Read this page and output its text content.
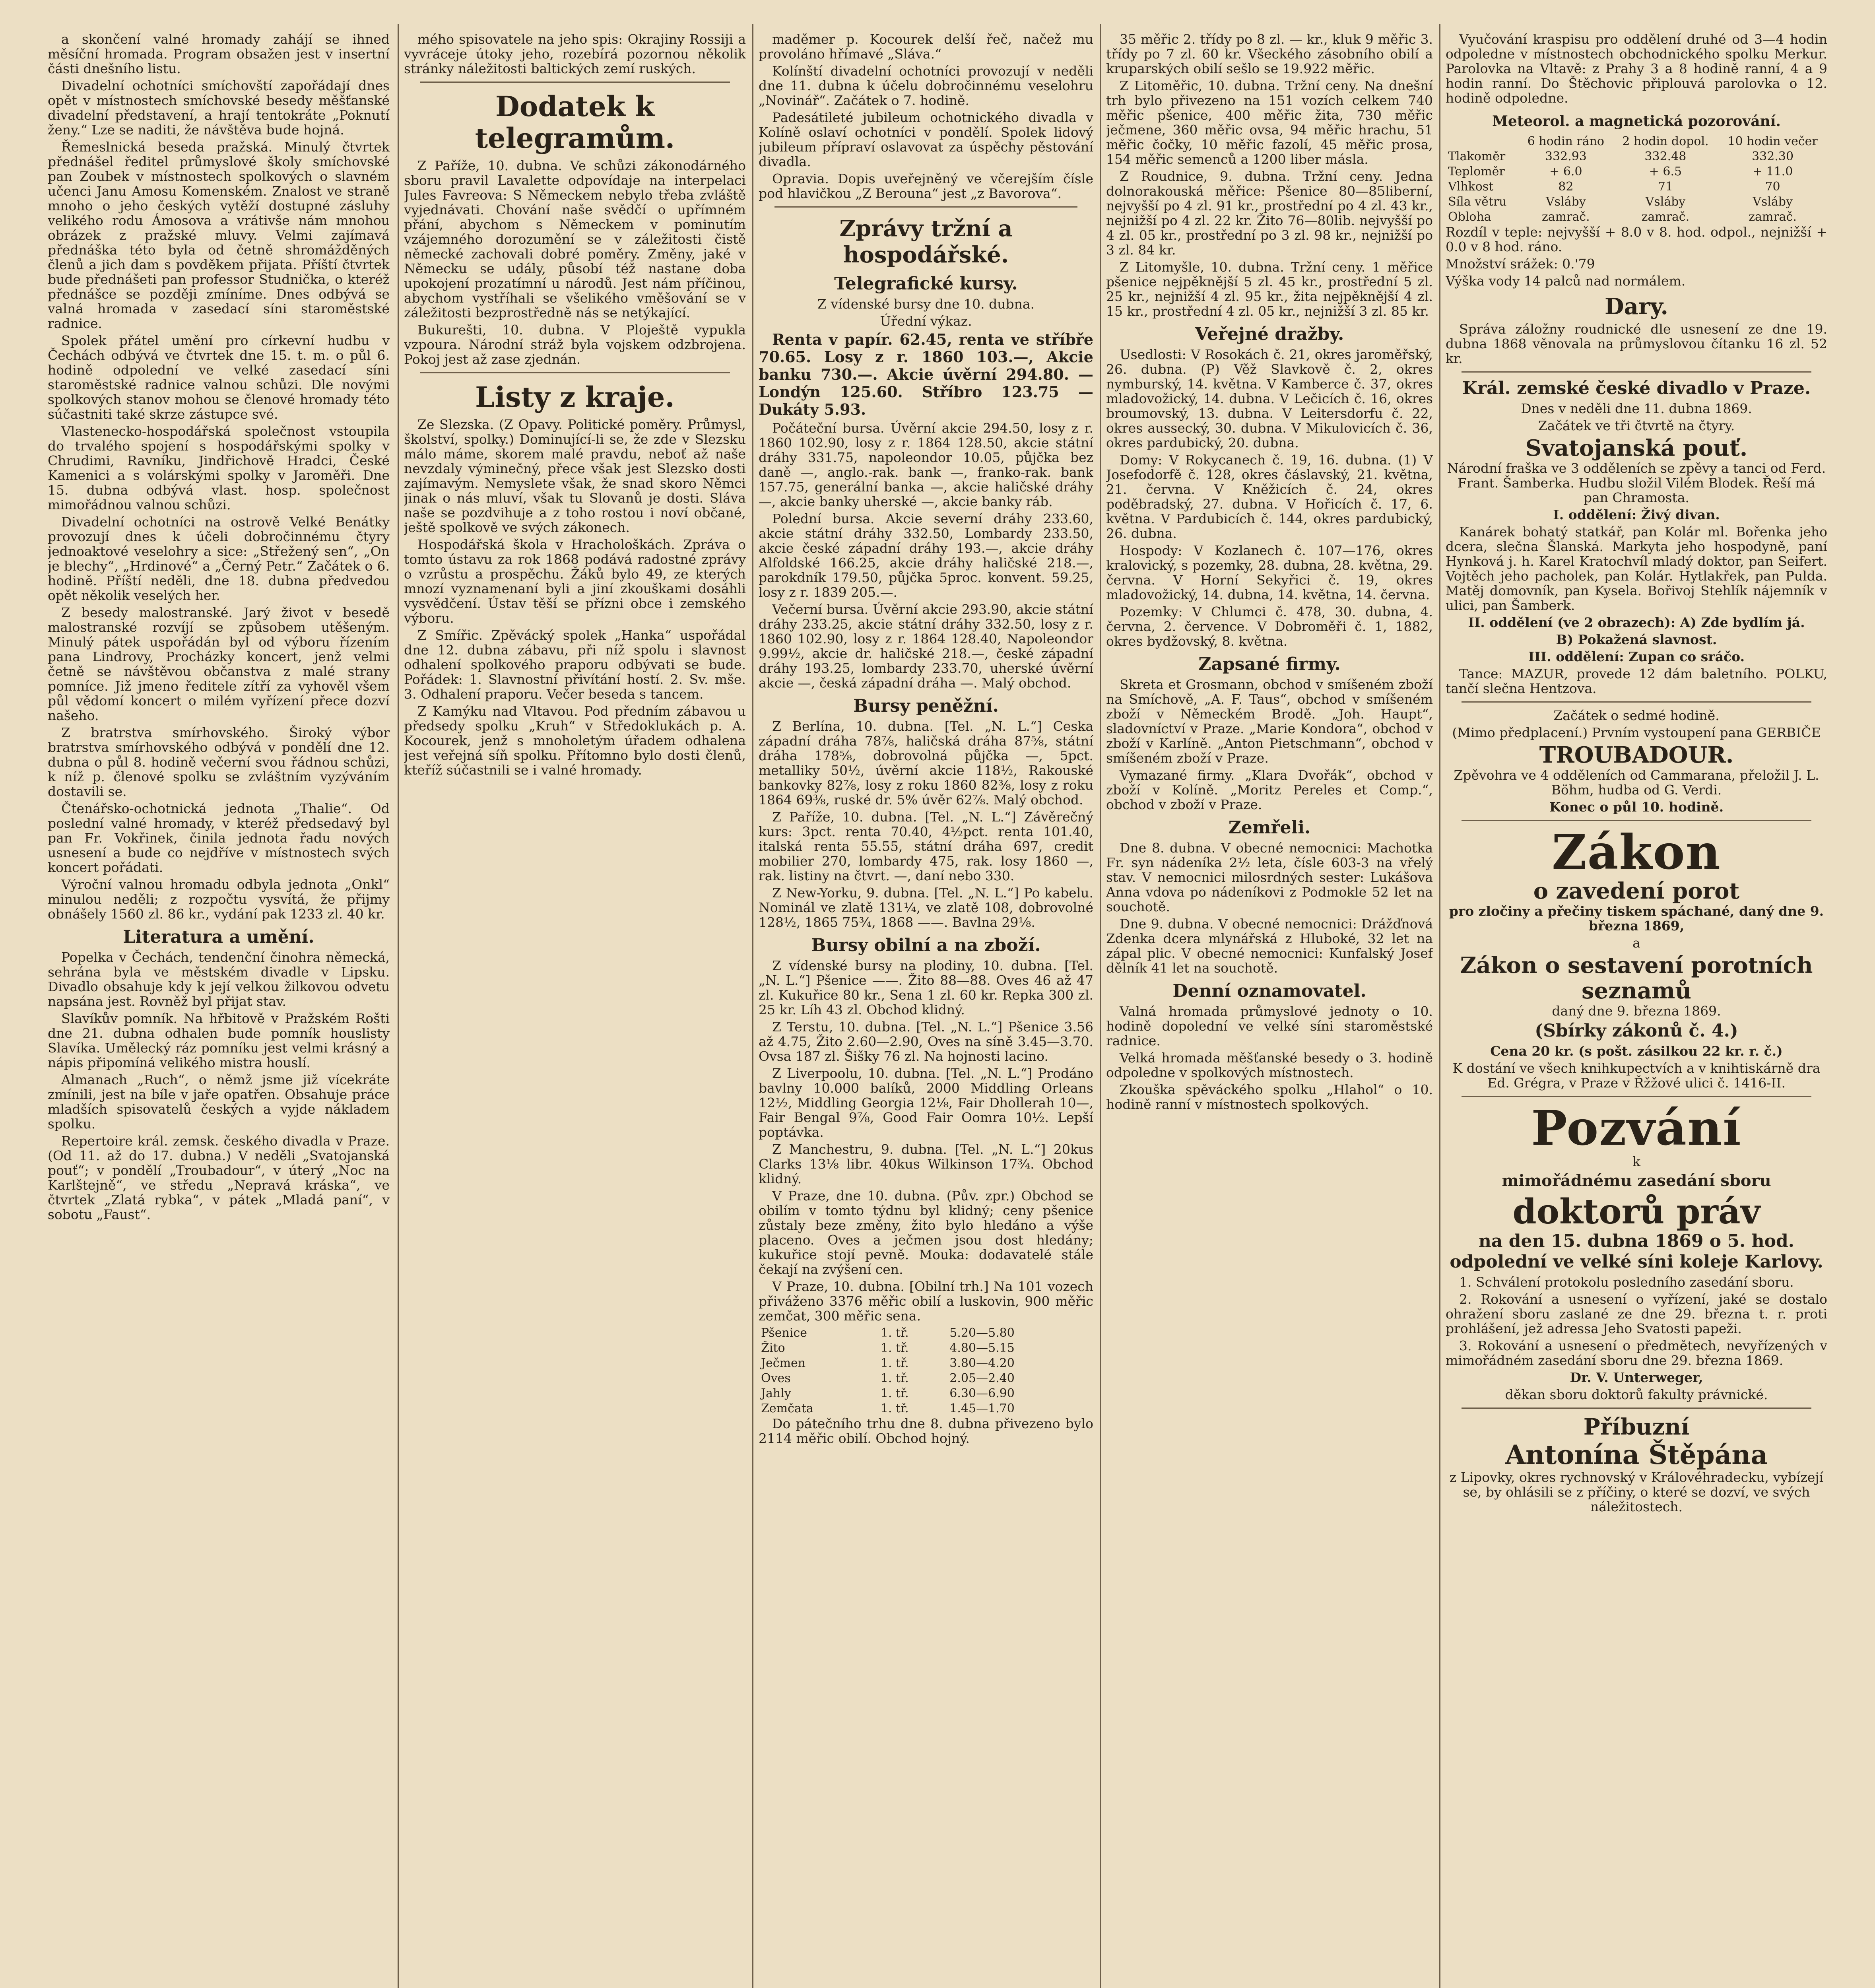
a skončení valné hromady zahájí se ihned měsíční hromada. Program obsažen jest v insertní části dnešního listu.

Divadelní ochotníci smíchovští zapořádají dnes opět v místnostech smíchovské besedy měšťanské divadelní představení, a hrají tentokráte „Poknutí ženy.“ Lze se naditi, že návštěva bude hojná.

Řemeslnická beseda pražská. Minulý čtvrtek přednášel ředitel průmyslové školy smíchovské pan Zoubek v místnostech spolkových o slavném učenci Janu Amosu Komenském. Znalost ve straně mnoho o jeho českých vytěží dostupné zásluhy velikého rodu Ámosova a vrátivše nám mnohou obrázek z pražské mluvy. Velmi zajímavá přednáška této byla od četně shromážděných členů a jich dam s povděkem přijata. Příští čtvrtek bude přednášeti pan professor Studnička, o kteréž přednášce se později zmíníme. Dnes odbývá se valná hromada v zasedací síni staroměstské radnice.

Spolek přátel umění pro církevní hudbu v Čechách odbývá ve čtvrtek dne 15. t. m. o půl 6. hodině odpolední ve velké zasedací síni staroměstské radnice valnou schůzi. Dle novými spolkových stanov mohou se členové hromady této súčastniti také skrze zástupce své.

Vlastenecko-hospodářská společnost vstoupila do trvalého spojení s hospodářskými spolky v Chrudimi, Ravníku, Jindřichově Hradci, České Kamenici a s volárskými spolky v Jaroměři. Dne 15. dubna odbývá vlast. hosp. společnost mimořádnou valnou schůzi.

Divadelní ochotníci na ostrově Velké Benátky provozují dnes k účeli dobročinnému čtyry jednoaktové veselohry a sice: „Střežený sen“, „On je blechy“, „Hrdinové“ a „Černý Petr.“ Začátek o 6. hodině. Příští neděli, dne 18. dubna předvedou opět několik veselých her.

Z besedy malostranské. Jarý život v besedě malostranské rozvíjí se způsobem utěšeným. Minulý pátek uspořádán byl od výboru řízením pana Lindrovy, Procházky koncert, jenž velmi četně se návštěvou občanstva z malé strany pomníce. Již jmeno ředitele zítří za vyhověl všem půl vědomí koncert o milém vyřízení přece dozví našeho.

Z bratrstva smírhovského. Široký výbor bratrstva smírhovského odbývá v pondělí dne 12. dubna o půl 8. hodině večerní svou řádnou schůzi, k níž p. členové spolku se zvláštním vyzýváním dostavili se.

Čtenářsko-ochotnická jednota „Thalie“. Od poslední valné hromady, v kteréž předsedavý byl pan Fr. Vokřinek, činila jednota řadu nových usnesení a bude co nejdříve v místnostech svých koncert pořádati.

Výroční valnou hromadu odbyla jednota „Onkl“ minulou neděli; z rozpočtu vysvítá, že přijmy obnášely 1560 zl. 86 kr., vydání pak 1233 zl. 40 kr.

Literatura a umění.

Popelka v Čechách, tendenční činohra německá, sehrána byla ve městském divadle v Lipsku. Divadlo obsahuje kdy k její velkou žilkovou odvetu napsána jest. Rovněž byl přijat stav.

Slavíkův pomník. Na hřbitově v Pražském Rošti dne 21. dubna odhalen bude pomník houslisty Slavíka. Umělecký ráz pomníku jest velmi krásný a nápis připomíná velikého mistra houslí.

Almanach „Ruch“, o němž jsme již vícekráte zmínili, jest na bíle v jaře opatřen. Obsahuje práce mladších spisovatelů českých a vyjde nákladem spolku.

Repertoire král. zemsk. českého divadla v Praze. (Od 11. až do 17. dubna.) V neděli „Svatojanská pouť“; v pondělí „Troubadour“, v úterý „Noc na Karlštejně“, ve středu „Nepravá kráska“, ve čtvrtek „Zlatá rybka“, v pátek „Mladá paní“, v sobotu „Faust“.

mého spisovatele na jeho spis: Okrajiny Rossiji a vyvráceje útoky jeho, rozebírá pozornou několik stránky náležitosti baltických zemí ruských.

Dodatek k telegramům.

Z Paříže, 10. dubna. Ve schůzi zákonodárného sboru pravil Lavalette odpovídaje na interpelaci Jules Favreova: S Německem nebylo třeba zvláště vyjednávati. Chování naše svědčí o upřímném přání, abychom s Německem v pominutím vzájemného dorozumění se v záležitosti čistě německé zachovali dobré poměry. Změny, jaké v Německu se udály, působí též nastane doba upokojení prozatímní u národů. Jest nám příčinou, abychom vystříhali se všelikého vměšování se v záležitosti bezprostředně nás se netýkající.

Bukurešti, 10. dubna. V Ploještě vypukla vzpoura. Národní stráž byla vojskem odzbrojena. Pokoj jest až zase zjednán.

Listy z kraje.

Ze Slezska. (Z Opavy. Politické poměry. Průmysl, školství, spolky.) Dominující-li se, že zde v Slezsku málo máme, skorem malé pravdu, neboť až naše nevzdaly výminečný, přece však jest Slezsko dosti zajímavým. Nemyslete však, že snad skoro Němci jinak o nás mluví, však tu Slovanů je dosti. Sláva naše se pozdvihuje a z toho rostou i noví občané, ještě spolkově ve svých zákonech.

Hospodářská škola v Hrachološkách. Zpráva o tomto ústavu za rok 1868 podává radostné zprávy o vzrůstu a prospěchu. Žáků bylo 49, ze kterých mnozí vyznamenaní byli a jiní zkouškami dosáhli vysvědčení. Ústav těší se přízni obce i zemského výboru.

Z Smířic. Zpěvácký spolek „Hanka“ uspořádal dne 12. dubna zábavu, při níž spolu i slavnost odhalení spolkového praporu odbývati se bude. Pořádek: 1. Slavnostní přivítání hostí. 2. Sv. mše. 3. Odhalení praporu. Večer beseda s tancem.

Z Kamýku nad Vltavou. Pod předním zábavou u předsedy spolku „Kruh“ v Středoklukách p. A. Kocourek, jenž s mnoholetým úřadem odhalena jest veřejná síň spolku. Přítomno bylo dosti členů, kteříž súčastnili se i valné hromady.

maděmer p. Kocourek delší řeč, načež mu provoláno hřímavé „Sláva.“

Kolínští divadelní ochotníci provozují v neděli dne 11. dubna k účelu dobročinnému veselohru „Novinář“. Začátek o 7. hodině.

Padesátileté jubileum ochotnického divadla v Kolíně oslaví ochotníci v pondělí. Spolek lidový jubileum přípraví oslavovat za úspěchy pěstování divadla.

Opravia. Dopis uveřejněný ve včerejším čísle pod hlavičkou „Z Berouna“ jest „z Bavorova“.

Zprávy tržní a hospodářské.
Telegrafické kursy.

Z vídenské bursy dne 10. dubna.

Úřední výkaz.

Renta v papír. 62.45, renta ve stříbře 70.65. Losy z r. 1860 103.—, Akcie banku 730.—. Akcie úvěrní 294.80. — Londýn 125.60. Stříbro 123.75 — Dukáty 5.93.

Počáteční bursa. Úvěrní akcie 294.50, losy z r. 1860 102.90, losy z r. 1864 128.50, akcie státní dráhy 331.75, napoleondor 10.05, půjčka bez daně —, anglo.-rak. bank —, franko-rak. bank 157.75, generální banka —, akcie haličské dráhy —, akcie banky uherské —, akcie banky ráb.

Polední bursa. Akcie severní dráhy 233.60, akcie státní dráhy 332.50, Lombardy 233.50, akcie české západní dráhy 193.—, akcie dráhy Alfoldské 166.25, akcie dráhy haličské 218.—, parokdník 179.50, půjčka 5proc. konvent. 59.25, losy z r. 1839 205.—.

Večerní bursa. Úvěrní akcie 293.90, akcie státní dráhy 233.25, akcie státní dráhy 332.50, losy z r. 1860 102.90, losy z r. 1864 128.40, Napoleondor 9.99½, akcie dr. haličské 218.—, české západní dráhy 193.25, lombardy 233.70, uherské úvěrní akcie —, česká západní dráha —. Malý obchod.

Bursy peněžní.

Z Berlína, 10. dubna. [Tel. „N. L.“] Ceska západní dráha 78⅞, haličská dráha 87⅝, státní dráha 178⅝, dobrovolná půjčka —, 5pct. metalliky 50½, úvěrní akcie 118½, Rakouské bankovky 82⅞, losy z roku 1860 82⅜, losy z roku 1864 69⅜, ruské dr. 5% úvěr 62⅞. Malý obchod.

Z Paříže, 10. dubna. [Tel. „N. L.“] Závěrečný kurs: 3pct. renta 70.40, 4½pct. renta 101.40, italská renta 55.55, státní dráha 697, credit mobilier 270, lombardy 475, rak. losy 1860 —, rak. listiny na čtvrt. —, daní nebo 330.

Z New-Yorku, 9. dubna. [Tel. „N. L.“] Po kabelu. Nominál ve zlatě 131¼, ve zlatě 108, dobrovolné 128½, 1865 75¾, 1868 ——. Bavlna 29⅛.

Bursy obilní a na zboží.

Z vídenské bursy na plodiny, 10. dubna. [Tel. „N. L.“] Pšenice ——. Žito 88—88. Oves 46 až 47 zl. Kukuřice 80 kr., Sena 1 zl. 60 kr. Repka 300 zl. 25 kr. Líh 43 zl. Obchod klidný.

Z Terstu, 10. dubna. [Tel. „N. L.“] Pšenice 3.56 až 4.75, Žito 2.60—2.90, Oves na síně 3.45—3.70. Ovsa 187 zl. Šišky 76 zl. Na hojnosti lacino.

Z Liverpoolu, 10. dubna. [Tel. „N. L.“] Prodáno bavlny 10.000 balíků, 2000 Middling Orleans 12½, Middling Georgia 12⅛, Fair Dhollerah 10—, Fair Bengal 9⅞, Good Fair Oomra 10½. Lepší poptávka.

Z Manchestru, 9. dubna. [Tel. „N. L.“] 20kus Clarks 13⅛ libr. 40kus Wilkinson 17¾. Obchod klidný.

V Praze, dne 10. dubna. (Pův. zpr.) Obchod se obilím v tomto týdnu byl klidný; ceny pšenice zůstaly beze změny, žito bylo hledáno a výše placeno. Oves a ječmen jsou dost hledány; kukuřice stojí pevně. Mouka: dodavatelé stále čekají na zvýšení cen.

V Praze, 10. dubna. [Obilní trh.] Na 101 vozech přiváženo 3376 měřic obilí a luskovin, 900 měřic zemčat, 300 měřic sena.

Pšenice	1. tř.	5.20—5.80
Žito	1. tř.	4.80—5.15
Ječmen	1. tř.	3.80—4.20
Oves	1. tř.	2.05—2.40
Jahly	1. tř.	6.30—6.90
Zemčata	1. tř.	1.45—1.70

Do pátečního trhu dne 8. dubna přivezeno bylo 2114 měřic obilí. Obchod hojný.

35 měřic 2. třídy po 8 zl. — kr., kluk 9 měřic 3. třídy po 7 zl. 60 kr. Všeckého zásobního obilí a kruparských obilí sešlo se 19.922 měřic.

Z Litoměřic, 10. dubna. Tržní ceny. Na dnešní trh bylo přivezeno na 151 vozích celkem 740 měřic pšenice, 400 měřic žita, 730 měřic ječmene, 360 měřic ovsa, 94 měřic hrachu, 51 měřic čočky, 10 měřic fazolí, 45 měřic prosa, 154 měřic semenců a 1200 liber másla.

Z Roudnice, 9. dubna. Tržní ceny. Jedna dolnorakouská měřice: Pšenice 80—85liberní, nejvyšší po 4 zl. 91 kr., prostřední po 4 zl. 43 kr., nejnižší po 4 zl. 22 kr. Žito 76—80lib. nejvyšší po 4 zl. 05 kr., prostřední po 3 zl. 98 kr., nejnižší po 3 zl. 84 kr.

Z Litomyšle, 10. dubna. Tržní ceny. 1 měřice pšenice nejpěknější 5 zl. 45 kr., prostřední 5 zl. 25 kr., nejnižší 4 zl. 95 kr., žita nejpěknější 4 zl. 15 kr., prostřední 4 zl. 05 kr., nejnižší 3 zl. 85 kr.

Veřejné dražby.

Usedlosti: V Rosokách č. 21, okres jaroměřský, 26. dubna. (P) Věž Slavkově č. 2, okres nymburský, 14. května. V Kamberce č. 37, okres mladovožický, 14. dubna. V Lečicích č. 16, okres broumovský, 13. dubna. V Leitersdorfu č. 22, okres aussecký, 30. dubna. V Mikulovicích č. 36, okres pardubický, 20. dubna.

Domy: V Rokycanech č. 19, 16. dubna. (1) V Josefodorfě č. 128, okres čáslavský, 21. května, 21. června. V Kněžicích č. 24, okres poděbradský, 27. dubna. V Hořicích č. 17, 6. května. V Pardubicích č. 144, okres pardubický, 26. dubna.

Hospody: V Kozlanech č. 107—176, okres kralovický, s pozemky, 28. dubna, 28. května, 29. června. V Horní Sekyřici č. 19, okres mladovožický, 14. dubna, 14. května, 14. června.

Pozemky: V Chlumci č. 478, 30. dubna, 4. června, 2. července. V Dobroměři č. 1, 1882, okres bydžovský, 8. května.

Zapsané firmy.

Skreta et Grosmann, obchod v smíšeném zboží na Smíchově, „A. F. Taus“, obchod v smíšeném zboží v Německém Brodě. „Joh. Haupt“, sladovníctví v Praze. „Marie Kondora“, obchod v zboží v Karlíně. „Anton Pietschmann“, obchod v smíšeném zboží v Praze.

Vymazané firmy. „Klara Dvořák“, obchod v zboží v Kolíně. „Moritz Pereles et Comp.“, obchod v zboží v Praze.

Zemřeli.

Dne 8. dubna. V obecné nemocnici: Machotka Fr. syn nádeníka 2½ leta, čísle 603-3 na vřelý stav. V nemocnici milosrdných sester: Lukášova Anna vdova po nádeníkovi z Podmokle 52 let na souchotě.

Dne 9. dubna. V obecné nemocnici: Drážďnová Zdenka dcera mlynářská z Hluboké, 32 let na zápal plic. V obecné nemocnici: Kunfalský Josef dělník 41 let na souchotě.

Denní oznamovatel.

Valná hromada průmyslové jednoty o 10. hodině dopolední ve velké síni staroměstské radnice.

Velká hromada měšťanské besedy o 3. hodině odpoledne v spolkových místnostech.

Zkouška spěváckého spolku „Hlahol“ o 10. hodině ranní v místnostech spolkových.

Vyučování kraspisu pro oddělení druhé od 3—4 hodin odpoledne v místnostech obchodnického spolku Merkur. Parolovka na Vltavě: z Prahy 3 a 8 hodině ranní, 4 a 9 hodin ranní. Do Štěchovic připlouvá parolovka o 12. hodině odpoledne.

Meteorol. a magnetická pozorování.
	6 hodin ráno	2 hodin dopol.	10 hodin večer
Tlakoměr	332.93	332.48	332.30
Teploměr	+ 6.0	+ 6.5	+ 11.0
Vlhkost	82	71	70
Síla větru	Vsláby	Vsláby	Vsláby
Obloha	zamrač.	zamrač.	zamrač.

Rozdíl v teple: nejvyšší + 8.0 v 8. hod. odpol., nejnižší + 0.0 v 8 hod. ráno.

Množství srážek: 0.'79

Výška vody 14 palců nad normálem.

Dary.

Správa záložny roudnické dle usnesení ze dne 19. dubna 1868 věnovala na průmyslovou čítanku 16 zl. 52 kr.

Král. zemské české divadlo v Praze.

Dnes v neděli dne 11. dubna 1869.

Začátek ve tři čtvrtě na čtyry.

Svatojanská pouť.

Národní fraška ve 3 odděleních se zpěvy a tanci od Ferd. Frant. Šamberka. Hudbu složil Vilém Blodek. Řeší má pan Chramosta.

I. oddělení: Živý divan.

Kanárek bohatý statkář, pan Kolár ml. Bořenka jeho dcera, slečna Šlanská. Markyta jeho hospodyně, paní Hynková j. h. Karel Kratochvíl mladý doktor, pan Seifert. Vojtěch jeho pacholek, pan Kolár. Hytlakřek, pan Pulda. Matěj domovník, pan Kysela. Bořivoj Stehlík nájemník v ulici, pan Šamberk.

II. oddělení (ve 2 obrazech): A) Zde bydlím já.

B) Pokažená slavnost.

III. oddělení: Zupan co sráčo.

Tance: MAZUR, provede 12 dám baletního. POLKU, tančí slečna Hentzova.

Začátek o sedmé hodině.

(Mimo předplacení.) Prvním vystoupení pana GERBIČE

TROUBADOUR.

Zpěvohra ve 4 odděleních od Cammarana, přeložil J. L. Böhm, hudba od G. Verdi.

Konec o půl 10. hodině.

Zákon
o zavedení porot

pro zločiny a přečiny tiskem spáchané, daný dne 9. března 1869,

a

Zákon o sestavení porotních seznamů

daný dne 9. března 1869.

(Sbírky zákonů č. 4.)

Cena 20 kr. (s pošt. zásilkou 22 kr. r. č.)

K dostání ve všech knihkupectvích a v knihtiskárně dra Ed. Grégra, v Praze v Řžžové ulici č. 1416-II.

Pozvání

k

mimořádnému zasedání sboru

doktorů práv

na den 15. dubna 1869 o 5. hod. odpolední ve velké síni koleje Karlovy.

1. Schválení protokolu posledního zasedání sboru.

2. Rokování a usnesení o vyřízení, jaké se dostalo ohražení sboru zaslané ze dne 29. března t. r. proti prohlášení, jež adressa Jeho Svatosti papeži.

3. Rokování a usnesení o předmětech, nevyřízených v mimořádném zasedání sboru dne 29. března 1869.

Dr. V. Unterweger,

děkan sboru doktorů fakulty právnické.

Příbuzní
Antonína Štěpána

z Lipovky, okres rychnovský v Královéhradecku, vybízejí se, by ohlásili se z příčiny, o které se dozví, ve svých náležitostech.
